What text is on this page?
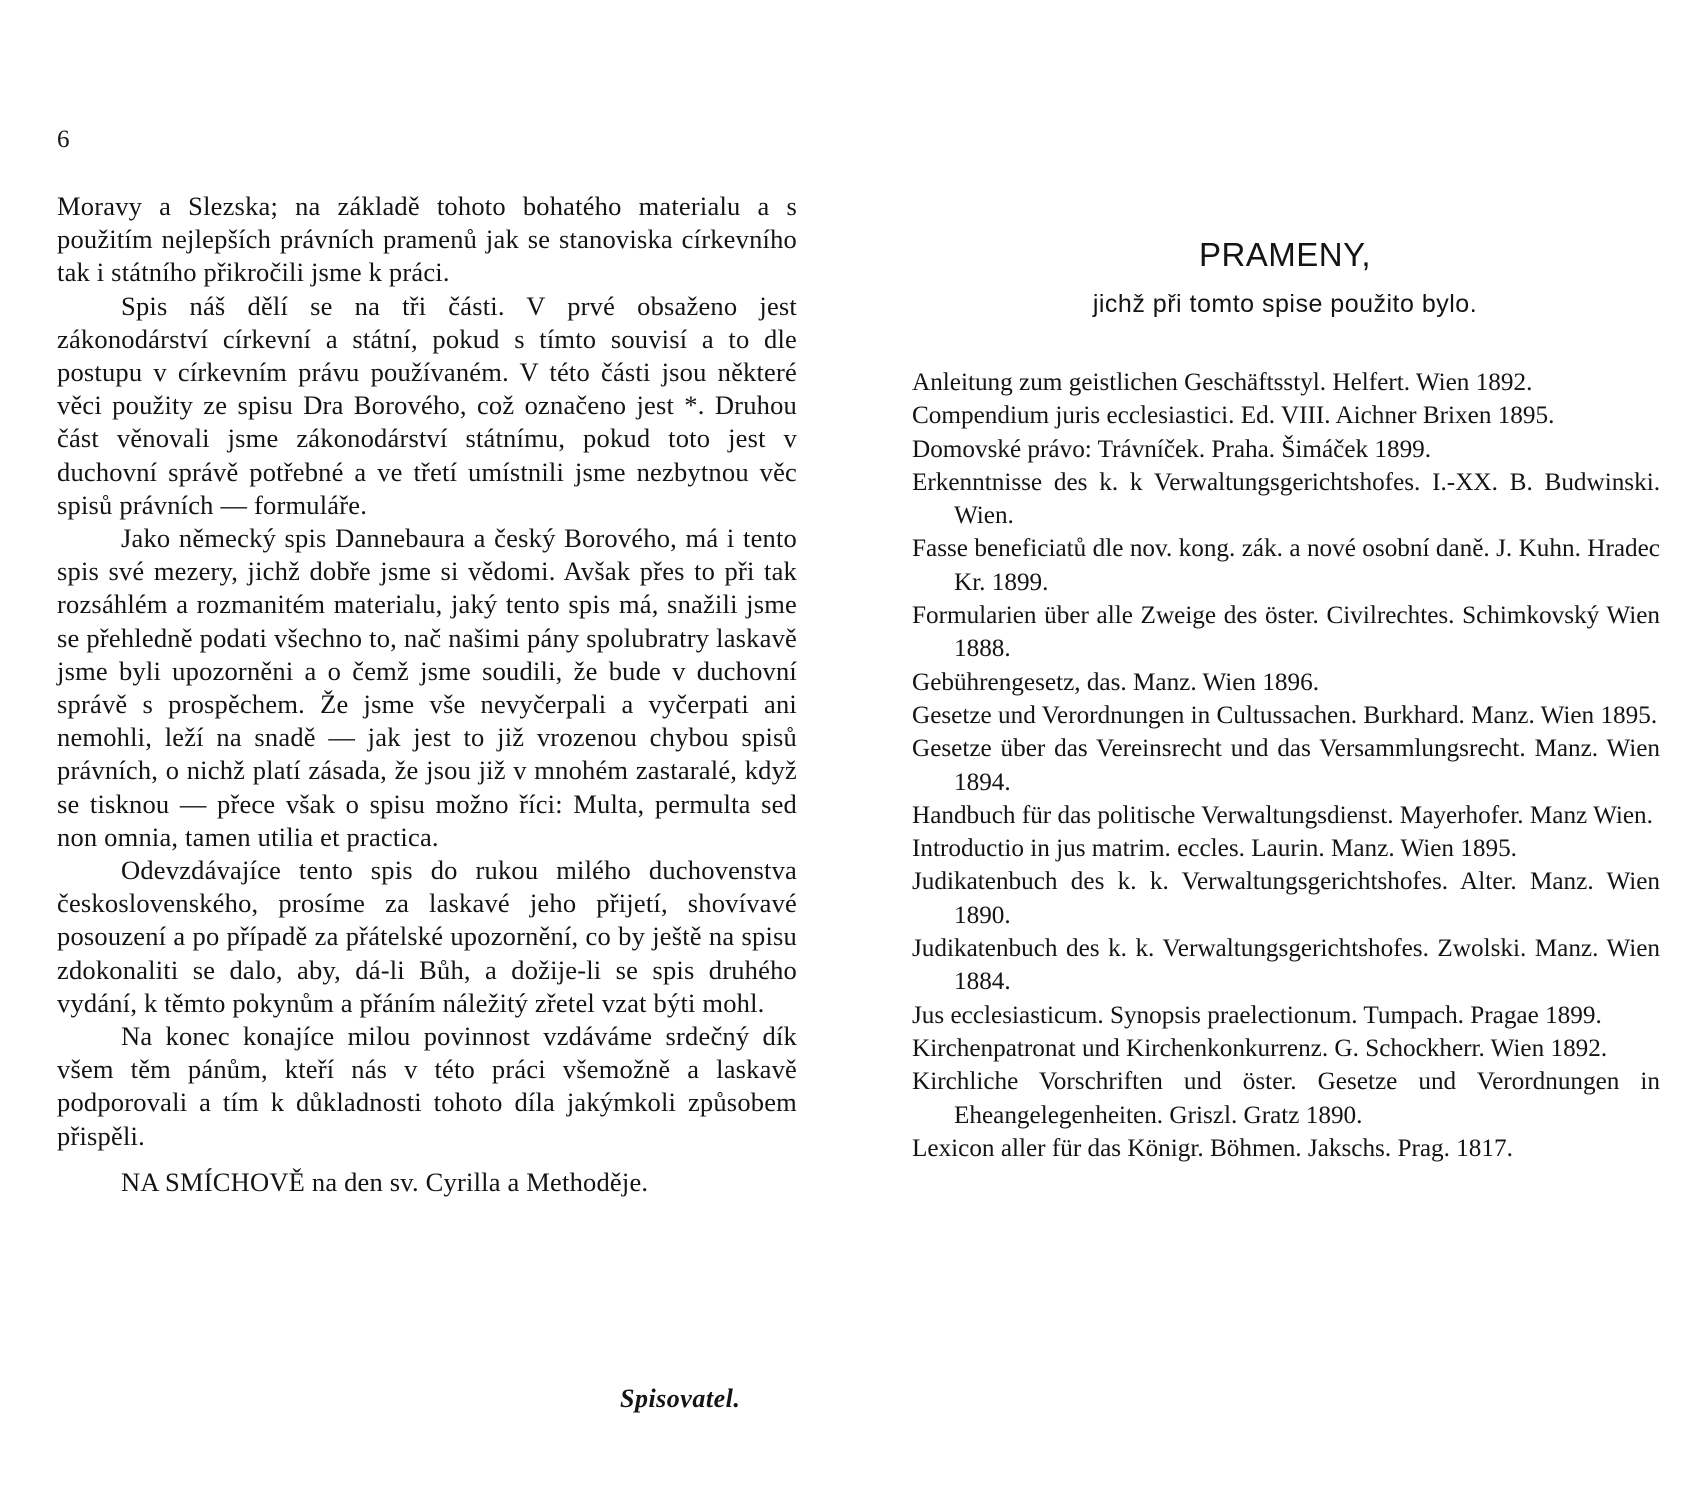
6

Moravy a Slezska; na základě tohoto bohatého materialu a s použitím nejlepších právních pramenů jak se stanoviska církevního tak i státního přikročili jsme k práci.

Spis náš dělí se na tři části. V prvé obsaženo jest zákonodárství církevní a státní, pokud s tímto souvisí a to dle postupu v církevním právu používaném. V této části jsou některé věci použity ze spisu Dra Borového, což označeno jest *. Druhou část věnovali jsme zákonodárství státnímu, pokud toto jest v duchovní správě potřebné a ve třetí umístnili jsme nezbytnou věc spisů právních — formuláře.

Jako německý spis Dannebaura a český Borového, má i tento spis své mezery, jichž dobře jsme si vědomi. Avšak přes to při tak rozsáhlém a rozmanitém materialu, jaký tento spis má, snažili jsme se přehledně podati všechno to, nač našimi pány spolubratry laskavě jsme byli upozorněni a o čemž jsme soudili, že bude v duchovní správě s prospěchem. Že jsme vše nevyčerpali a vyčerpati ani nemohli, leží na snadě — jak jest to již vrozenou chybou spisů právních, o nichž platí zásada, že jsou již v mnohém zastaralé, když se tisknou — přece však o spisu možno říci: Multa, permulta sed non omnia, tamen utilia et practica.

Odevzdávajíce tento spis do rukou milého duchovenstva československého, prosíme za laskavé jeho přijetí, shovívavé posouzení a po případě za přátelské upozornění, co by ještě na spisu zdokonaliti se dalo, aby, dá-li Bůh, a dožije-li se spis druhého vydání, k těmto pokynům a přáním náležitý zřetel vzat býti mohl.

Na konec konajíce milou povinnost vzdáváme srdečný dík všem těm pánům, kteří nás v této práci všemožně a laskavě podporovali a tím k důkladnosti tohoto díla jakýmkoli způsobem přispěli.

NA SMÍCHOVĚ na den sv. Cyrilla a Methoděje.

Spisovatel.
PRAMENY,
jichž při tomto spise použito bylo.
Anleitung zum geistlichen Geschäftsstyl. Helfert. Wien 1892.
Compendium juris ecclesiastici. Ed. VIII. Aichner Brixen 1895.
Domovské právo: Trávníček. Praha. Šimáček 1899.
Erkenntnisse des k. k Verwaltungsgerichtshofes. I.-XX. B. Budwinski. Wien.
Fasse beneficiatů dle nov. kong. zák. a nové osobní daně. J. Kuhn. Hradec Kr. 1899.
Formularien über alle Zweige des öster. Civilrechtes. Schimkovský Wien 1888.
Gebührengesetz, das. Manz. Wien 1896.
Gesetze und Verordnungen in Cultussachen. Burkhard. Manz. Wien 1895.
Gesetze über das Vereinsrecht und das Versammlungsrecht. Manz. Wien 1894.
Handbuch für das politische Verwaltungsdienst. Mayerhofer. Manz Wien.
Introductio in jus matrim. eccles. Laurin. Manz. Wien 1895.
Judikatenbuch des k. k. Verwaltungsgerichtshofes. Alter. Manz. Wien 1890.
Judikatenbuch des k. k. Verwaltungsgerichtshofes. Zwolski. Manz. Wien 1884.
Jus ecclesiasticum. Synopsis praelectionum. Tumpach. Pragae 1899.
Kirchenpatronat und Kirchenkonkurrenz. G. Schockherr. Wien 1892.
Kirchliche Vorschriften und öster. Gesetze und Verordnungen in Eheangelegenheiten. Griszl. Gratz 1890.
Lexicon aller für das Königr. Böhmen. Jakschs. Prag. 1817.
